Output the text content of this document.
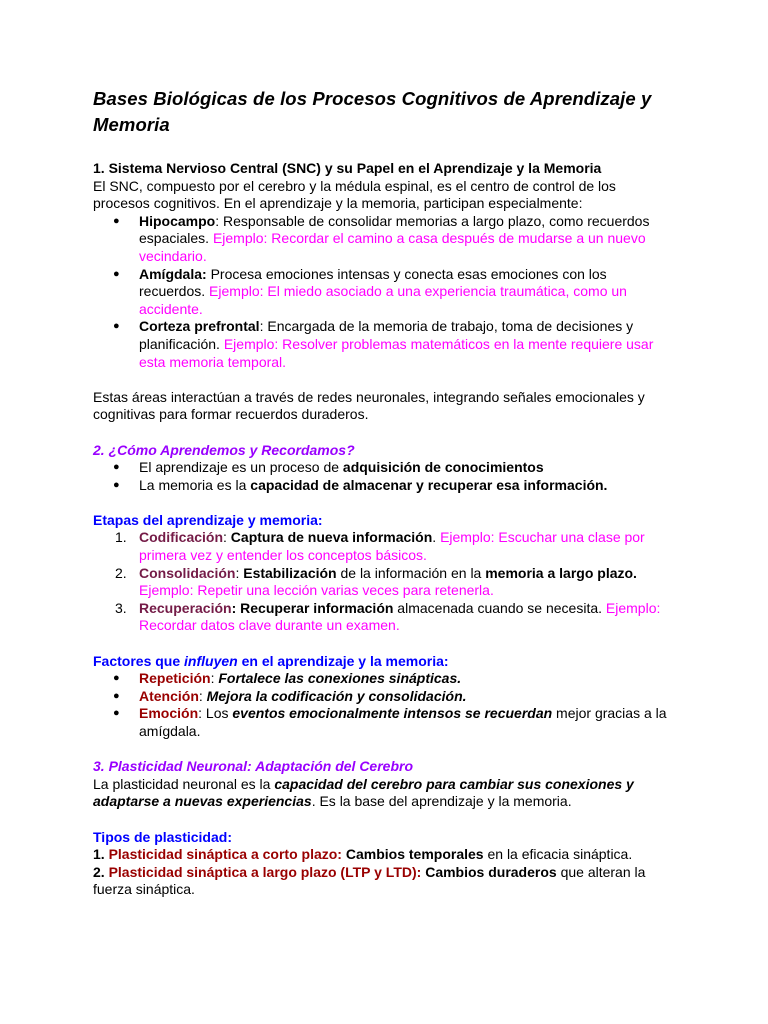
Bases Biológicas de los Procesos Cognitivos de Aprendizaje y Memoria

1. Sistema Nervioso Central (SNC) y su Papel en el Aprendizaje y la Memoria

El SNC, compuesto por el cerebro y la médula espinal, es el centro de control de los procesos cognitivos. En el aprendizaje y la memoria, participan especialmente:

● Hipocampo: Responsable de consolidar memorias a largo plazo, como recuerdos espaciales. Ejemplo: Recordar el camino a casa después de mudarse a un nuevo vecindario.
● Amígdala: Procesa emociones intensas y conecta esas emociones con los recuerdos. Ejemplo: El miedo asociado a una experiencia traumática, como un accidente.
● Corteza prefrontal: Encargada de la memoria de trabajo, toma de decisiones y planificación. Ejemplo: Resolver problemas matemáticos en la mente requiere usar esta memoria temporal.

Estas áreas interactúan a través de redes neuronales, integrando señales emocionales y cognitivas para formar recuerdos duraderos.

2. ¿Cómo Aprendemos y Recordamos?

● El aprendizaje es un proceso de adquisición de conocimientos
● La memoria es la capacidad de almacenar y recuperar esa información.

Etapas del aprendizaje y memoria:

1. Codificación: Captura de nueva información. Ejemplo: Escuchar una clase por primera vez y entender los conceptos básicos.
2. Consolidación: Estabilización de la información en la memoria a largo plazo. Ejemplo: Repetir una lección varias veces para retenerla.
3. Recuperación: Recuperar información almacenada cuando se necesita. Ejemplo: Recordar datos clave durante un examen.

Factores que influyen en el aprendizaje y la memoria:

● Repetición: Fortalece las conexiones sinápticas.
● Atención: Mejora la codificación y consolidación.
● Emoción: Los eventos emocionalmente intensos se recuerdan mejor gracias a la amígdala.

3. Plasticidad Neuronal: Adaptación del Cerebro

La plasticidad neuronal es la capacidad del cerebro para cambiar sus conexiones y adaptarse a nuevas experiencias. Es la base del aprendizaje y la memoria.

Tipos de plasticidad:

1. Plasticidad sináptica a corto plazo: Cambios temporales en la eficacia sináptica.

2. Plasticidad sináptica a largo plazo (LTP y LTD): Cambios duraderos que alteran la fuerza sináptica.
